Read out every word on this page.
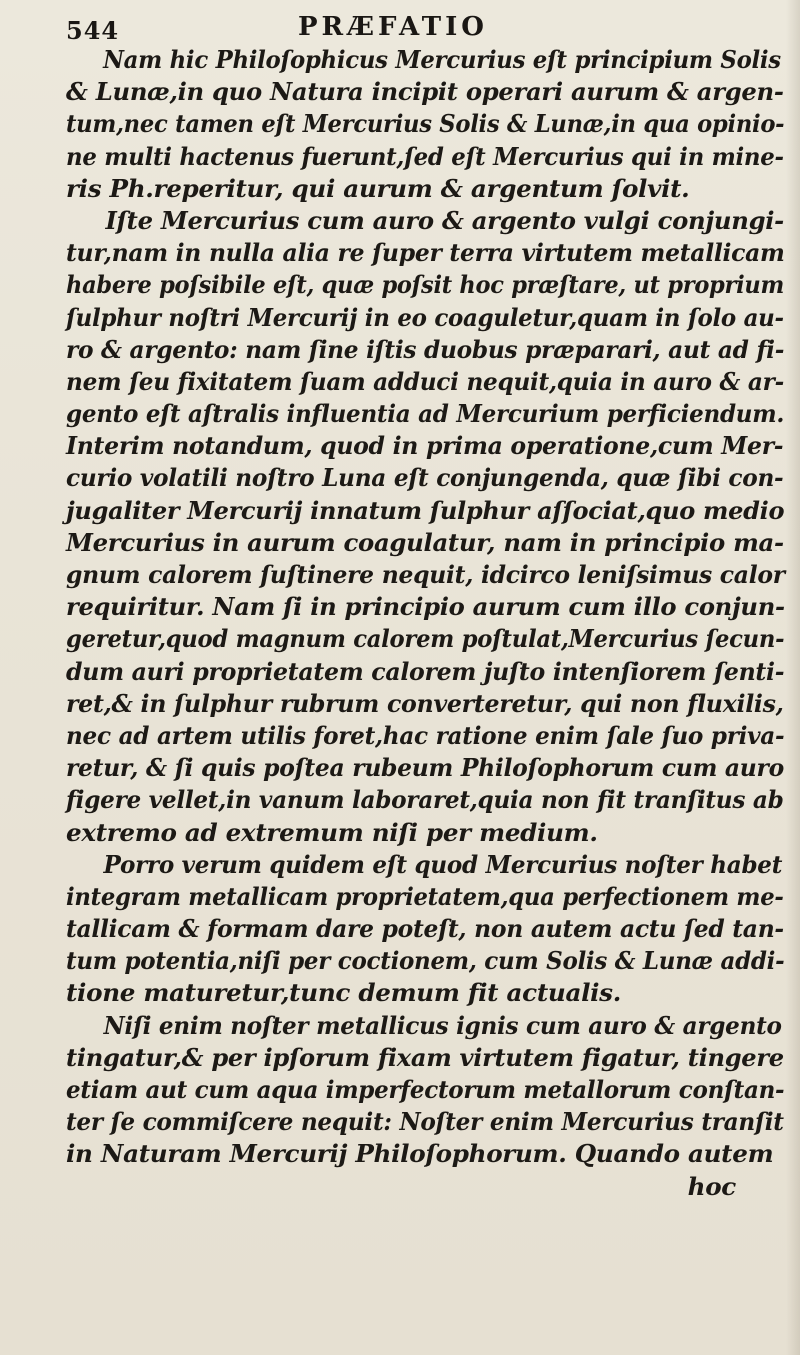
544	PRÆFATIO
Nam hic Philoſophicus Mercurius eſt principium Solis
& Lunæ,in quo Natura incipit operari aurum & argen-
tum,nec tamen eſt Mercurius Solis & Lunæ,in qua opinio-
ne multi hactenus fuerunt,ſed eſt Mercurius qui in mine-
ris Ph.reperitur, qui aurum & argentum ſolvit.
Iſte Mercurius cum auro & argento vulgi conjungi-
tur,nam in nulla alia re ſuper terra virtutem metallicam
habere poſsibile eſt, quæ poſsit hoc præſtare, ut proprium
ſulphur noſtri Mercurij in eo coaguletur,quam in ſolo au-
ro & argento: nam ſine iſtis duobus præparari, aut ad fi-
nem ſeu fixitatem ſuam adduci nequit,quia in auro & ar-
gento eſt aſtralis influentia ad Mercurium perficiendum.
Interim notandum, quod in prima operatione,cum Mer-
curio volatili noſtro Luna eſt conjungenda, quæ ſibi con-
jugaliter Mercurij innatum ſulphur aſſociat,quo medio
Mercurius in aurum coagulatur, nam in principio ma-
gnum calorem ſuſtinere nequit, idcirco leniſsimus calor
requiritur. Nam ſi in principio aurum cum illo conjun-
geretur,quod magnum calorem poſtulat,Mercurius ſecun-
dum auri proprietatem calorem juſto intenſiorem ſenti-
ret,& in ſulphur rubrum converteretur, qui non fluxilis,
nec ad artem utilis foret,hac ratione enim ſale ſuo priva-
retur, & ſi quis poſtea rubeum Philoſophorum cum auro
figere vellet,in vanum laboraret,quia non fit tranſitus ab
extremo ad extremum niſi per medium.
Porro verum quidem eſt quod Mercurius noſter habet
integram metallicam proprietatem,qua perfectionem me-
tallicam & formam dare poteſt, non autem actu ſed tan-
tum potentia,niſi per coctionem, cum Solis & Lunæ addi-
tione maturetur,tunc demum fit actualis.
Niſi enim noſter metallicus ignis cum auro & argento
tingatur,& per ipſorum fixam virtutem figatur, tingere
etiam aut cum aqua imperfectorum metallorum conſtan-
ter ſe commiſcere nequit: Noſter enim Mercurius tranſit
in Naturam Mercurij Philoſophorum. Quando autem
hoc
